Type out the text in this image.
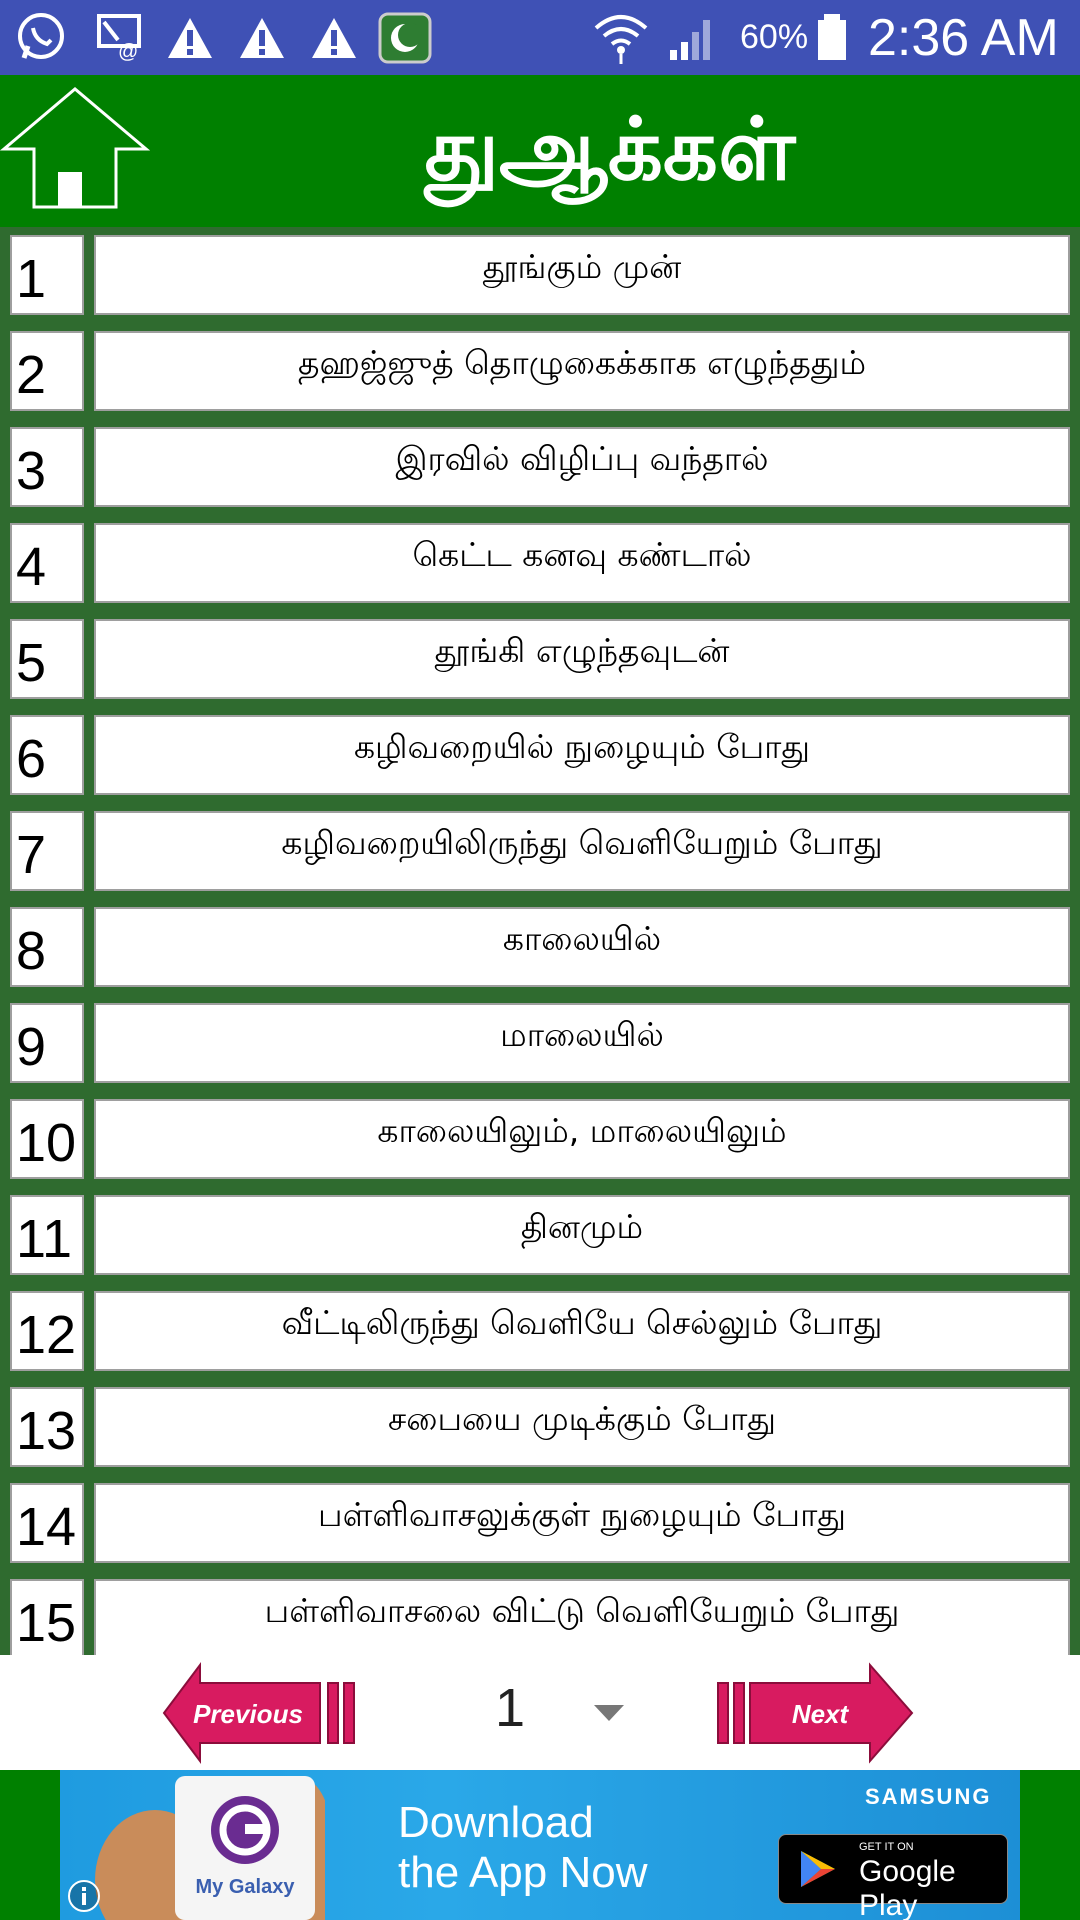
@	60% 2:36 AM
துஆக்கள்
1	தூங்கும் முன்
2	தஹஜ்ஜுத் தொழுகைக்காக எழுந்ததும்
3	இரவில் விழிப்பு வந்தால்
4	கெட்ட கனவு கண்டால்
5	தூங்கி எழுந்தவுடன்
6	கழிவறையில் நுழையும் போது
7	கழிவறையிலிருந்து வெளியேறும் போது
8	காலையில்
9	மாலையில்
10	காலையிலும், மாலையிலும்
11	தினமும்
12	வீட்டிலிருந்து வெளியே செல்லும் போது
13	சபையை முடிக்கும் போது
14	பள்ளிவாசலுக்குள் நுழையும் போது
15	பள்ளிவாசலை விட்டு வெளியேறும் போது
Previous	1	Next
My Galaxy
Download
the App Now
SAMSUNG
GET IT ON
Google Play
